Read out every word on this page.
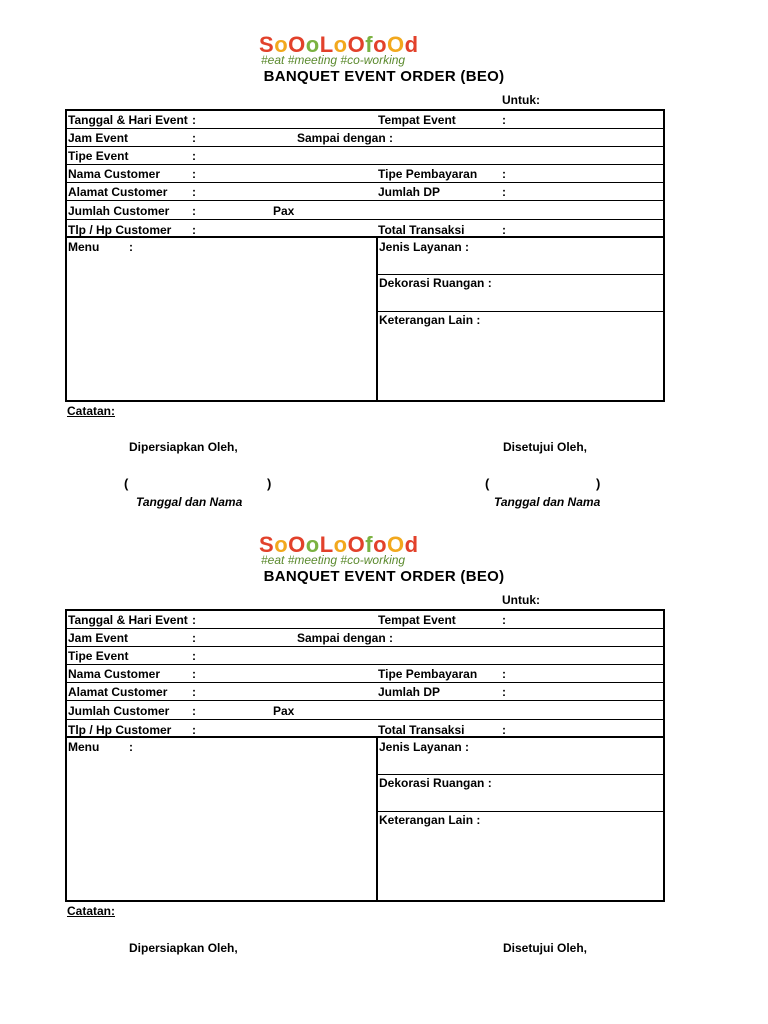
SoOoLoOfoOd
#eat #meeting #co-working
BANQUET EVENT ORDER (BEO)
Untuk:
Tanggal & Hari Event :	Tempat Event	:
Jam Event	:	Sampai dengan :
Tipe Event	:
Nama Customer	:	Tipe Pembayaran :
Alamat Customer :	Jumlah DP	:
Jumlah Customer :	Pax
Tlp / Hp Customer :	Total Transaksi	:
Menu :	Jenis Layanan :
Dekorasi Ruangan :
Keterangan Lain :
Catatan:
Dipersiapkan Oleh,	Disetujui Oleh,
(	)	(	)
Tanggal dan Nama	Tanggal dan Nama
SoOoLoOfoOd
#eat #meeting #co-working
BANQUET EVENT ORDER (BEO)
Untuk:
Tanggal & Hari Event :	Tempat Event	:
Jam Event	:	Sampai dengan :
Tipe Event	:
Nama Customer	:	Tipe Pembayaran :
Alamat Customer :	Jumlah DP	:
Jumlah Customer :	Pax
Tlp / Hp Customer :	Total Transaksi	:
Menu :	Jenis Layanan :
Dekorasi Ruangan :
Keterangan Lain :
Catatan:
Dipersiapkan Oleh,	Disetujui Oleh,
